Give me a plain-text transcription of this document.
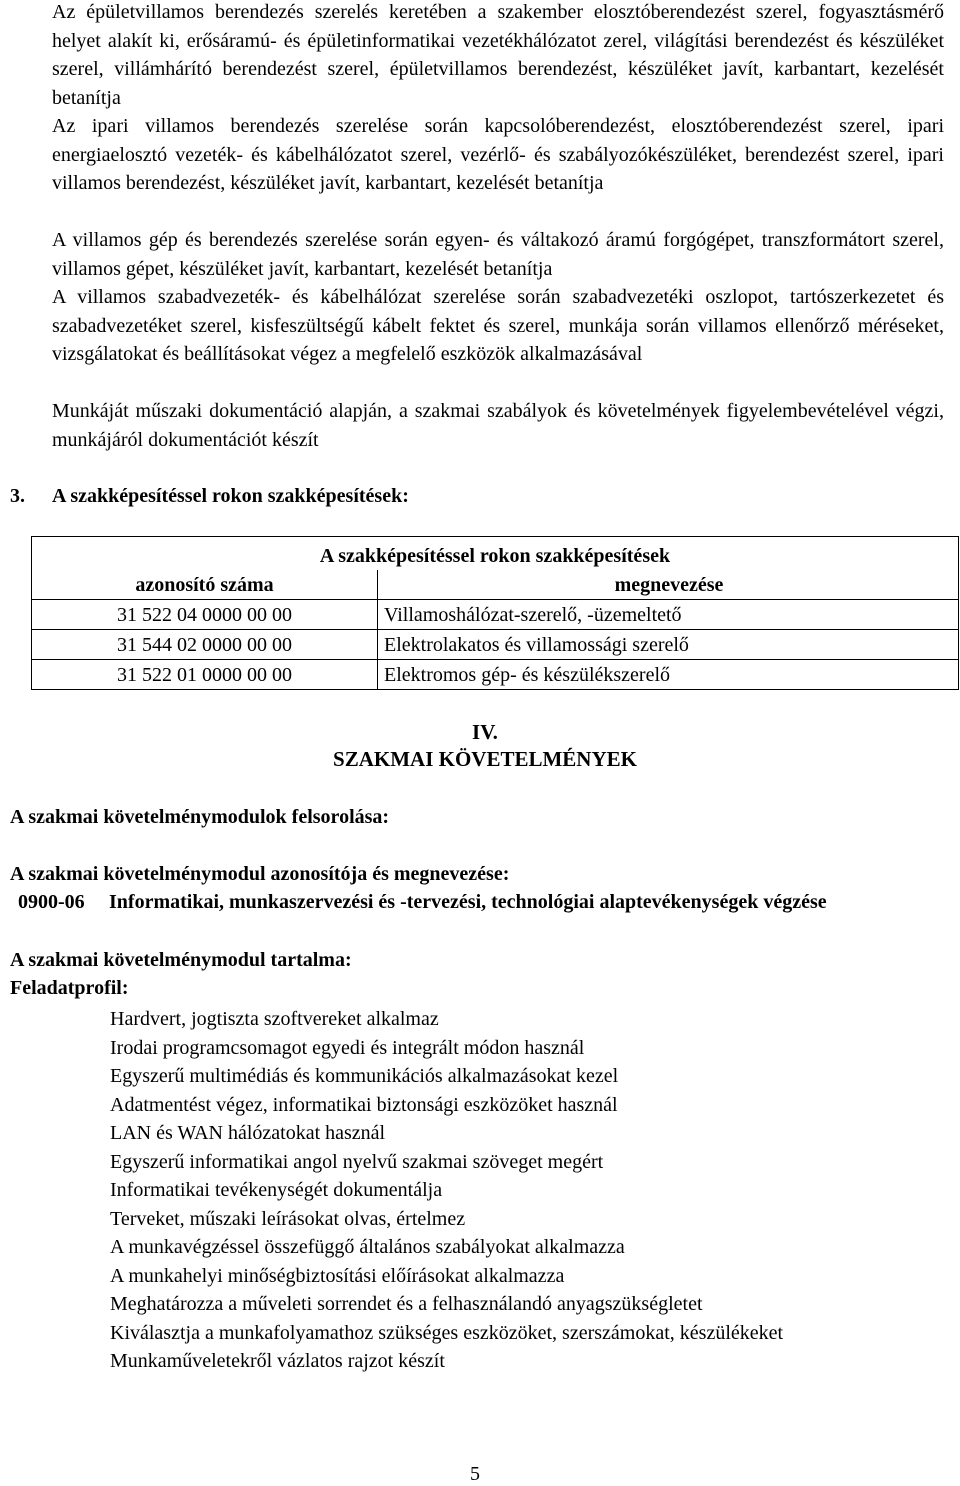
Az épületvillamos berendezés szerelés keretében a szakember elosztóberendezést szerel, fogyasztásmérő helyet alakít ki, erősáramú- és épületinformatikai vezetékhálózatot zerel, világítási berendezést és készüléket szerel, villámhárító berendezést szerel, épületvillamos berendezést, készüléket javít, karbantart, kezelését betanítja

Az ipari villamos berendezés szerelése során kapcsolóberendezést, elosztóberendezést szerel, ipari energiaelosztó vezeték- és kábelhálózatot szerel, vezérlő- és szabályozókészüléket, berendezést szerel, ipari villamos berendezést, készüléket javít, karbantart, kezelését betanítja

A villamos gép és berendezés szerelése során egyen- és váltakozó áramú forgógépet, transzformátort szerel, villamos gépet, készüléket javít, karbantart, kezelését betanítja

A villamos szabadvezeték- és kábelhálózat szerelése során szabadvezetéki oszlopot, tartószerkezetet és szabadvezetéket szerel, kisfeszültségű kábelt fektet és szerel, munkája során villamos ellenőrző méréseket, vizsgálatokat és beállításokat végez a megfelelő eszközök alkalmazásával

Munkáját műszaki dokumentáció alapján, a szakmai szabályok és követelmények figyelembevételével végzi, munkájáról dokumentációt készít

3. A szakképesítéssel rokon szakképesítések:

A szakképesítéssel rokon szakképesítések	
azonosító száma	megnevezése
31 522 04 0000 00 00	Villamoshálózat-szerelő, -üzemeltető
31 544 02 0000 00 00	Elektrolakatos és villamossági szerelő
31 522 01 0000 00 00	Elektromos gép- és készülékszerelő

IV.

SZAKMAI KÖVETELMÉNYEK

A szakmai követelménymodulok felsorolása:

A szakmai követelménymodul azonosítója és megnevezése:

0900-06	Informatikai, munkaszervezési és -tervezési, technológiai alaptevékenységek végzése

A szakmai követelménymodul tartalma:

Feladatprofil:

Hardvert, jogtiszta szoftvereket alkalmaz
Irodai programcsomagot egyedi és integrált módon használ
Egyszerű multimédiás és kommunikációs alkalmazásokat kezel
Adatmentést végez, informatikai biztonsági eszközöket használ
LAN és WAN hálózatokat használ
Egyszerű informatikai angol nyelvű szakmai szöveget megért
Informatikai tevékenységét dokumentálja
Terveket, műszaki leírásokat olvas, értelmez
A munkavégzéssel összefüggő általános szabályokat alkalmazza
A munkahelyi minőségbiztosítási előírásokat alkalmazza
Meghatározza a műveleti sorrendet és a felhasználandó anyagszükségletet
Kiválasztja a munkafolyamathoz szükséges eszközöket, szerszámokat, készülékeket
Munkaműveletekről vázlatos rajzot készít

5
